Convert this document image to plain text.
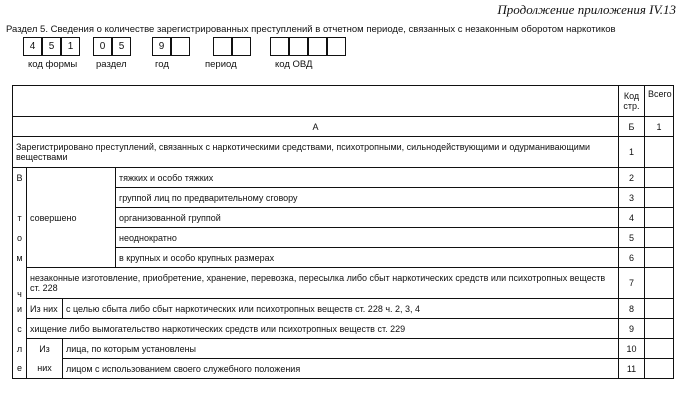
Продолжение приложения IV.13
Раздел 5. Сведения о количестве зарегистрированных преступлений в отчетном периоде, связанных с незаконным оборотом наркотиков
4	5	1	0	5	9
код формы раздел	год	период	код ОВД
				Код стр.	Всего
А				Б	1
Зарегистрировано преступлений, связанных с наркотическими средствами, психотропными, сильнодействующими и одурманивающими веществами				1	
В	совершено		тяжких и особо тяжких	2	
			группой лиц по предварительному сговору	3	
т			организованной группой	4	
о			неоднократно	5	
м			в крупных и особо крупных размерах	6	
ч	незаконные изготовление, приобретение, хранение, перевозка, пересылка либо сбыт наркотических средств или психотропных веществ ст. 228			7	
и	Из них	с целью сбыта либо сбыт наркотических или психотропных веществ ст. 228 ч. 2, 3, 4		8	
с	хищение либо вымогательство наркотических средств или психотропных веществ ст. 229			9	
л	Из	лица, по которым установлены		10	
е	них	лицом с использованием своего служебного положения		11	
